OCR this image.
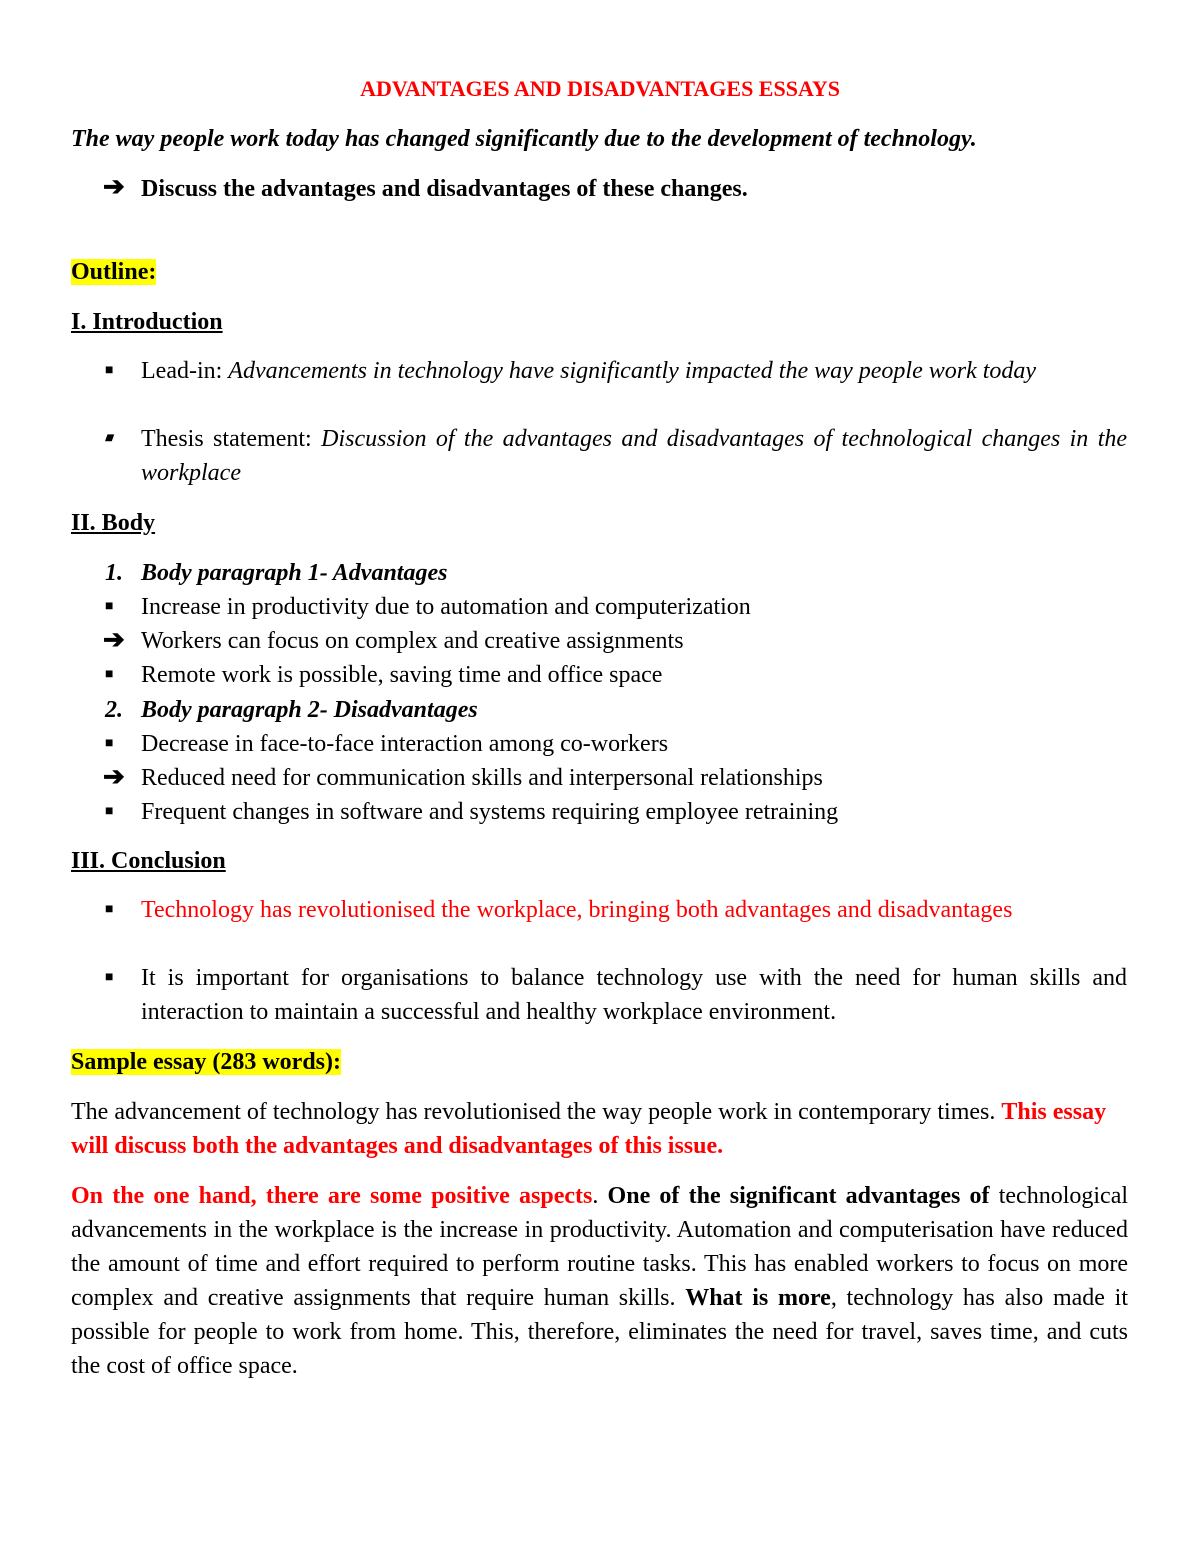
ADVANTAGES AND DISADVANTAGES ESSAYS
The way people work today has changed significantly due to the development of technology.
➔ Discuss the advantages and disadvantages of these changes.
Outline:
I. Introduction
■ Lead-in: Advancements in technology have significantly impacted the way people work today
■ Thesis statement: Discussion of the advantages and disadvantages of technological changes in the workplace
II. Body
1. Body paragraph 1- Advantages
■ Increase in productivity due to automation and computerization
➔ Workers can focus on complex and creative assignments
■ Remote work is possible, saving time and office space
2. Body paragraph 2- Disadvantages
■ Decrease in face-to-face interaction among co-workers
➔ Reduced need for communication skills and interpersonal relationships
■ Frequent changes in software and systems requiring employee retraining
III. Conclusion
■ Technology has revolutionised the workplace, bringing both advantages and disadvantages
■ It is important for organisations to balance technology use with the need for human skills and interaction to maintain a successful and healthy workplace environment.
Sample essay (283 words):
The advancement of technology has revolutionised the way people work in contemporary times. This essay will discuss both the advantages and disadvantages of this issue.
On the one hand, there are some positive aspects. One of the significant advantages of technological advancements in the workplace is the increase in productivity. Automation and computerisation have reduced the amount of time and effort required to perform routine tasks. This has enabled workers to focus on more complex and creative assignments that require human skills. What is more, technology has also made it possible for people to work from home. This, therefore, eliminates the need for travel, saves time, and cuts the cost of office space.
